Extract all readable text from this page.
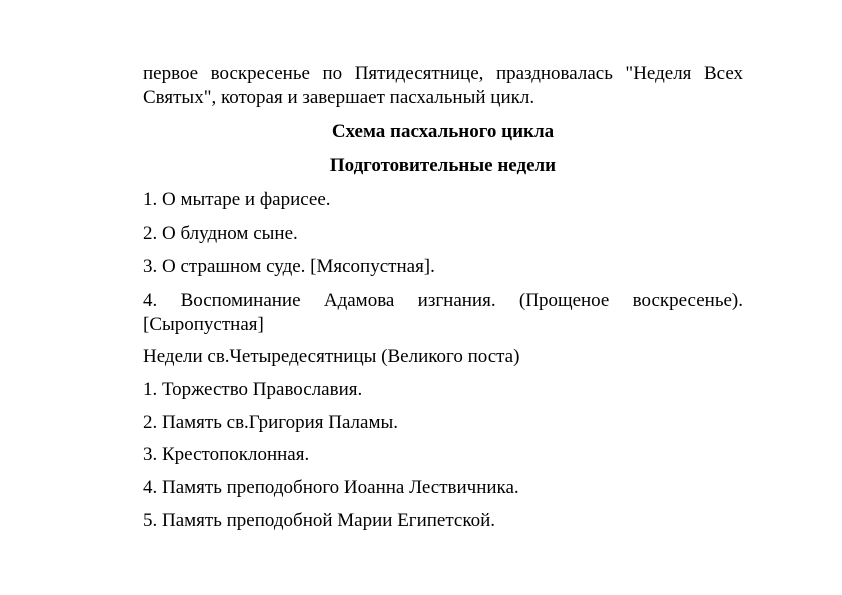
первое воскресенье по Пятидесятнице, праздновалась "Неделя Всех Святых", которая и завершает пасхальный цикл.
Схема пасхального цикла
Подготовительные недели
1. О мытаре и фарисее.
2. О блудном сыне.
3. О страшном суде. [Мясопустная].
4. Воспоминание Адамова изгнания. (Прощеное воскресенье). [Сыропустная]
Недели св.Четыредесятницы (Великого поста)
1. Торжество Православия.
2. Память св.Григория Паламы.
3. Крестопоклонная.
4. Память преподобного Иоанна Лествичника.
5. Память преподобной Марии Египетской.
